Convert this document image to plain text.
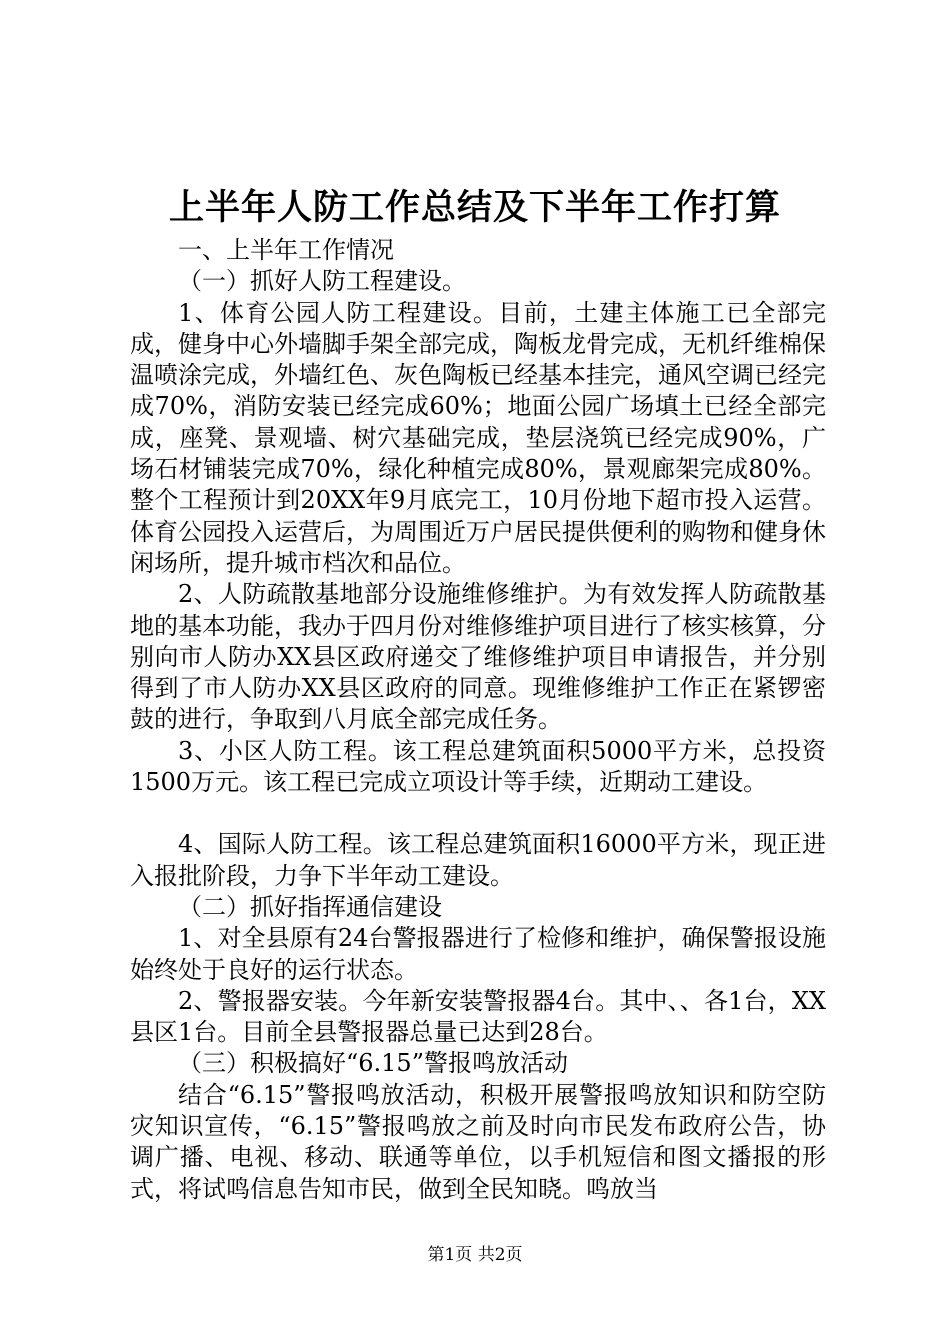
上半年人防工作总结及下半年工作打算

一、上半年工作情况

（一）抓好人防工程建设。

1、体育公园人防工程建设。目前，土建主体施工已全部完成，健身中心外墙脚手架全部完成，陶板龙骨完成，无机纤维棉保温喷涂完成，外墙红色、灰色陶板已经基本挂完，通风空调已经完成70%，消防安装已经完成60%；地面公园广场填土已经全部完成，座凳、景观墙、树穴基础完成，垫层浇筑已经完成90%，广场石材铺装完成70%，绿化种植完成80%，景观廊架完成80%。整个工程预计到20XX年9月底完工，10月份地下超市投入运营。体育公园投入运营后，为周围近万户居民提供便利的购物和健身休闲场所，提升城市档次和品位。

2、人防疏散基地部分设施维修维护。为有效发挥人防疏散基地的基本功能，我办于四月份对维修维护项目进行了核实核算，分别向市人防办XX县区政府递交了维修维护项目申请报告，并分别得到了市人防办XX县区政府的同意。现维修维护工作正在紧锣密鼓的进行，争取到八月底全部完成任务。

3、小区人防工程。该工程总建筑面积5000平方米，总投资1500万元。该工程已完成立项设计等手续，近期动工建设。

4、国际人防工程。该工程总建筑面积16000平方米，现正进入报批阶段，力争下半年动工建设。

（二）抓好指挥通信建设

1、对全县原有24台警报器进行了检修和维护，确保警报设施始终处于良好的运行状态。

2、警报器安装。今年新安装警报器4台。其中、、各1台，XX县区1台。目前全县警报器总量已达到28台。

（三）积极搞好“6.15”警报鸣放活动

结合“6.15”警报鸣放活动，积极开展警报鸣放知识和防空防灾知识宣传，“6.15”警报鸣放之前及时向市民发布政府公告，协调广播、电视、移动、联通等单位，以手机短信和图文播报的形式，将试鸣信息告知市民，做到全民知晓。鸣放当

第1页 共2页
